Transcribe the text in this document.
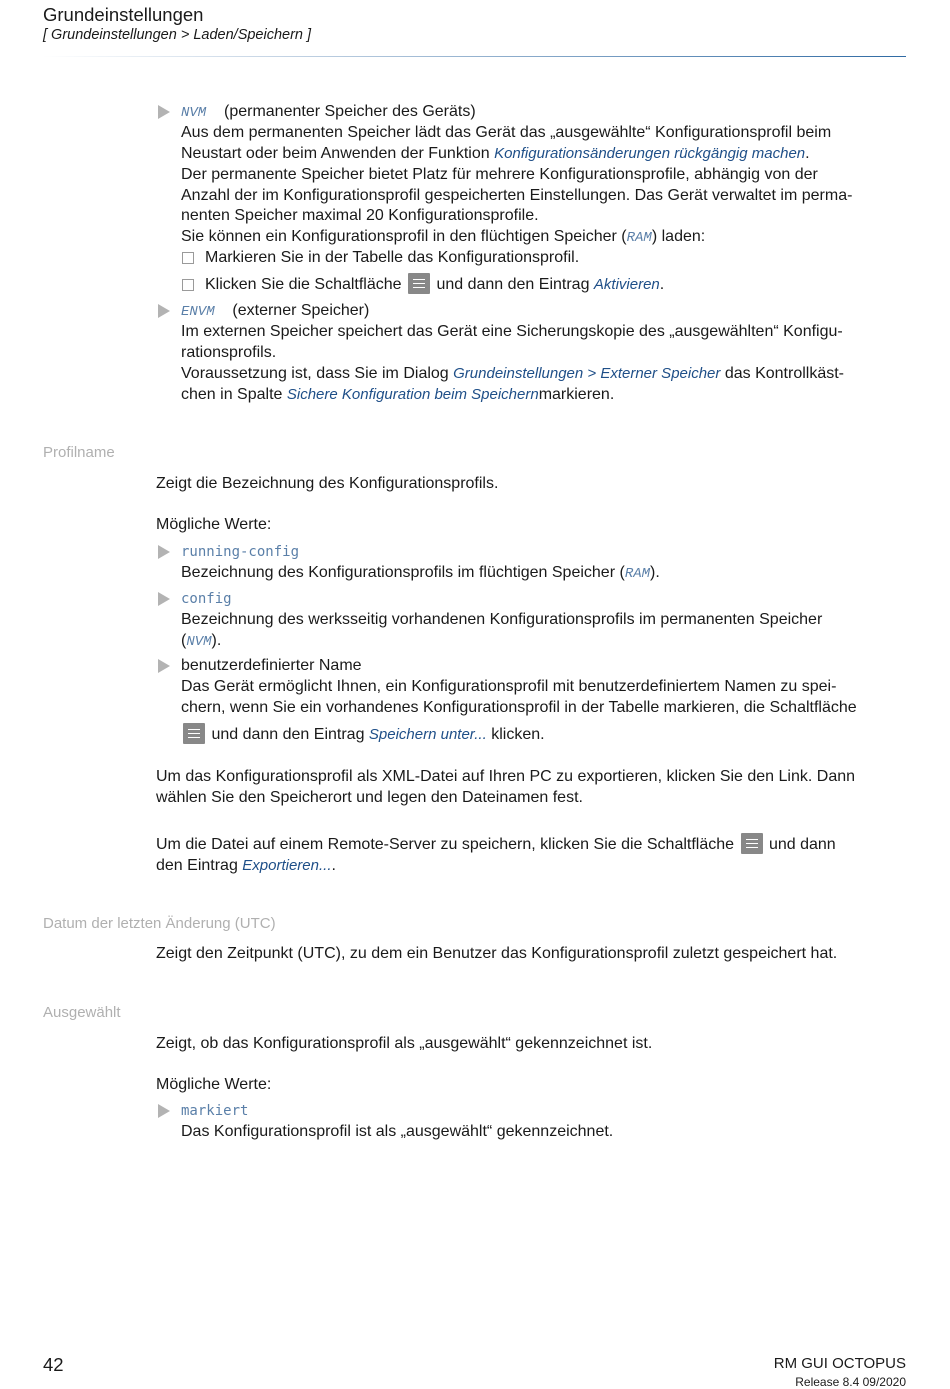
Grundeinstellungen
[ Grundeinstellungen > Laden/Speichern ]
NVM (permanenter Speicher des Geräts)
Aus dem permanenten Speicher lädt das Gerät das „ausgewählte“ Konfigurationsprofil beim
Neustart oder beim Anwenden der Funktion Konfigurationsänderungen rückgängig machen.
Der permanente Speicher bietet Platz für mehrere Konfigurationsprofile, abhängig von der
Anzahl der im Konfigurationsprofil gespeicherten Einstellungen. Das Gerät verwaltet im perma-
nenten Speicher maximal 20 Konfigurationsprofile.
Sie können ein Konfigurationsprofil in den flüchtigen Speicher (RAM) laden:
Markieren Sie in der Tabelle das Konfigurationsprofil.
Klicken Sie die Schaltfläche
und dann den Eintrag Aktivieren.
ENVM (externer Speicher)
Im externen Speicher speichert das Gerät eine Sicherungskopie des „ausgewählten“ Konfigu-
rationsprofils.
Voraussetzung ist, dass Sie im Dialog Grundeinstellungen > Externer Speicher das Kontrollkäst-
chen in Spalte Sichere Konfiguration beim Speichernmarkieren.
Profilname
Zeigt die Bezeichnung des Konfigurationsprofils.
Mögliche Werte:
running-config
Bezeichnung des Konfigurationsprofils im flüchtigen Speicher (RAM).
config
Bezeichnung des werksseitig vorhandenen Konfigurationsprofils im permanenten Speicher
(NVM).
benutzerdefinierter Name
Das Gerät ermöglicht Ihnen, ein Konfigurationsprofil mit benutzerdefiniertem Namen zu spei-
chern, wenn Sie ein vorhandenes Konfigurationsprofil in der Tabelle markieren, die Schaltfläche
und dann den Eintrag Speichern unter... klicken.
Um das Konfigurationsprofil als XML-Datei auf Ihren PC zu exportieren, klicken Sie den Link. Dann
wählen Sie den Speicherort und legen den Dateinamen fest.
Um die Datei auf einem Remote-Server zu speichern, klicken Sie die Schaltfläche
und dann
den Eintrag Exportieren....
Datum der letzten Änderung (UTC)
Zeigt den Zeitpunkt (UTC), zu dem ein Benutzer das Konfigurationsprofil zuletzt gespeichert hat.
Ausgewählt
Zeigt, ob das Konfigurationsprofil als „ausgewählt“ gekennzeichnet ist.
Mögliche Werte:
markiert
Das Konfigurationsprofil ist als „ausgewählt“ gekennzeichnet.
42	RM GUI OCTOPUS
Release 8.4 09/2020
